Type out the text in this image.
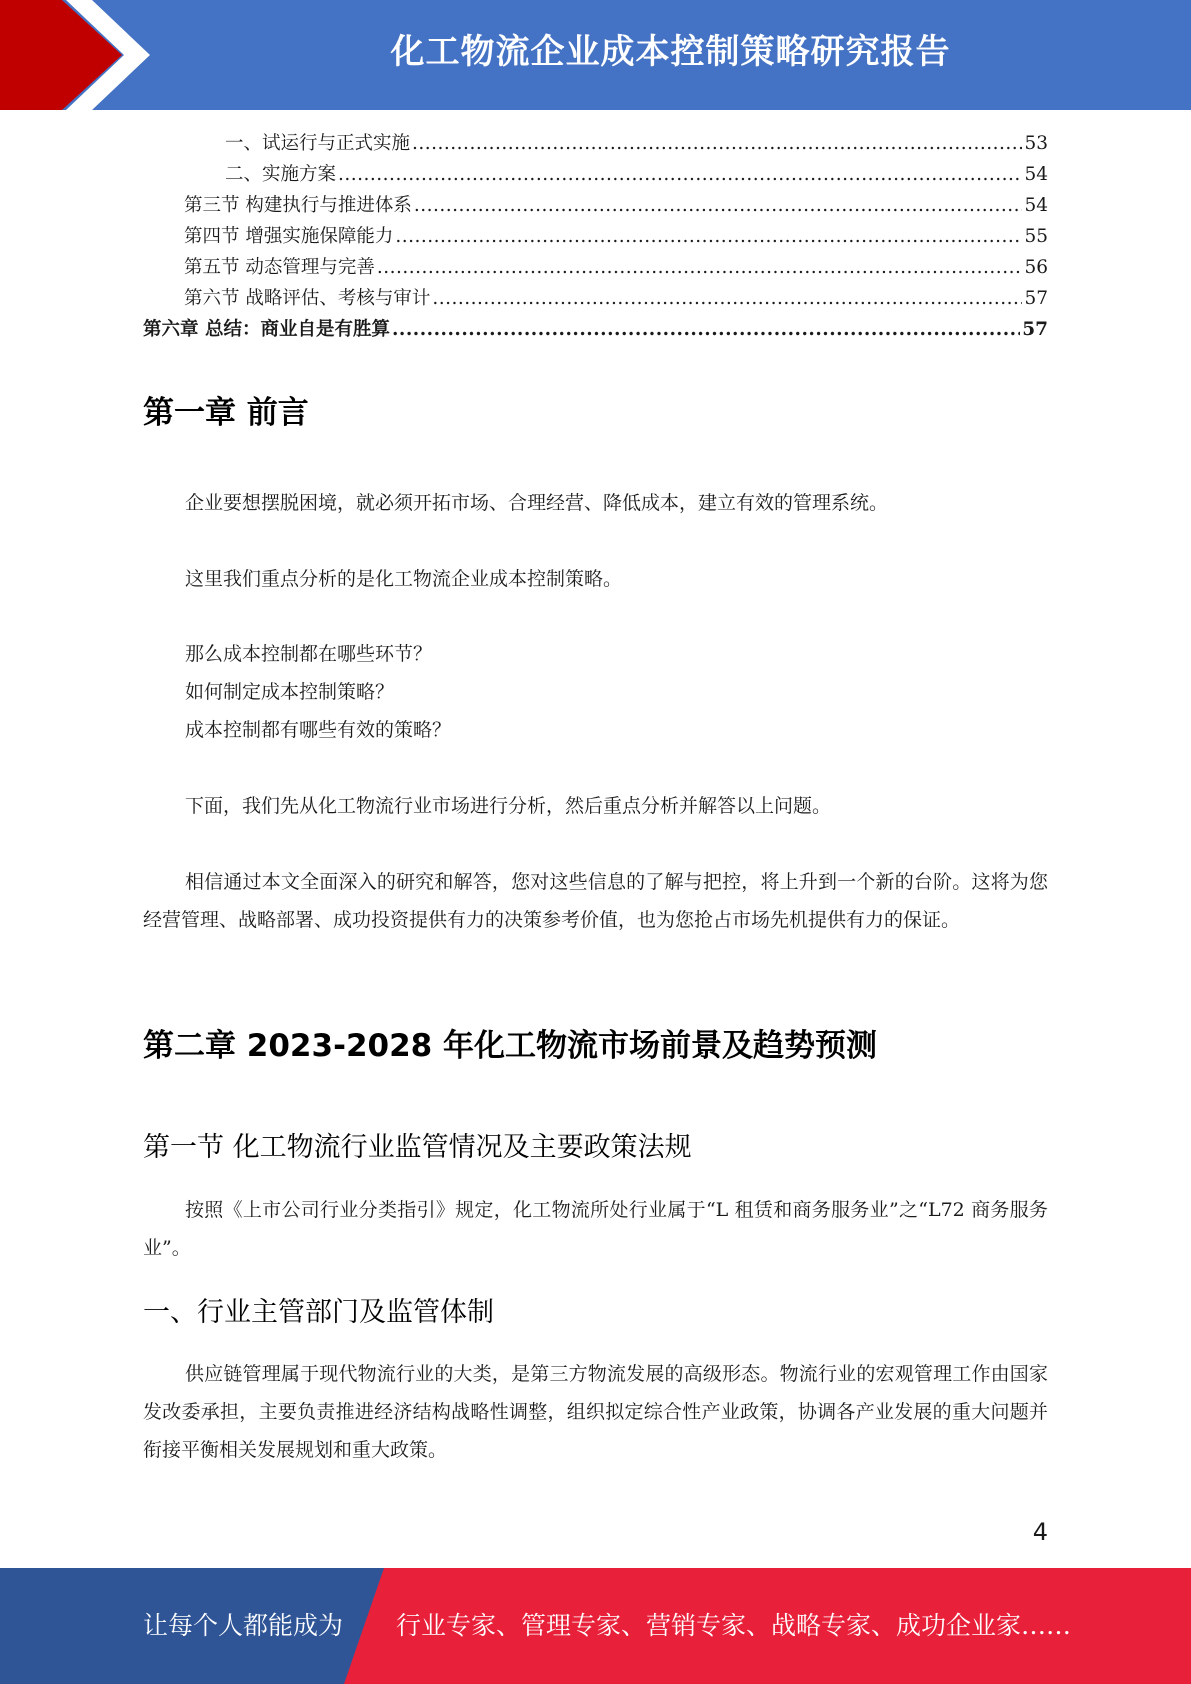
化工物流企业成本控制策略研究报告
一、试运行与正式实施 .....	53
二、实施方案 .....	54
第三节 构建执行与推进体系 .....	54
第四节 增强实施保障能力 .....	55
第五节 动态管理与完善 .....	56
第六节 战略评估、考核与审计 .....	57
第六章 总结：商业自是有胜算 .....	57
第一章 前言

企业要想摆脱困境，就必须开拓市场、合理经营、降低成本，建立有效的管理系统。

这里我们重点分析的是化工物流企业成本控制策略。

那么成本控制都在哪些环节？
如何制定成本控制策略？
成本控制都有哪些有效的策略？

下面，我们先从化工物流行业市场进行分析，然后重点分析并解答以上问题。

相信通过本文全面深入的研究和解答，您对这些信息的了解与把控，将上升到一个新的台阶。这将为您经营管理、战略部署、成功投资提供有力的决策参考价值，也为您抢占市场先机提供有力的保证。

第二章 2023-2028 年化工物流市场前景及趋势预测
第一节 化工物流行业监管情况及主要政策法规

按照《上市公司行业分类指引》规定，化工物流所处行业属于“L 租赁和商务服务业”之“L72 商务服务业”。

一、行业主管部门及监管体制

供应链管理属于现代物流行业的大类，是第三方物流发展的高级形态。物流行业的宏观管理工作由国家发改委承担，主要负责推进经济结构战略性调整，组织拟定综合性产业政策，协调各产业发展的重大问题并衔接平衡相关发展规划和重大政策。

4
让每个人都能成为 行业专家、管理专家、营销专家、战略专家、成功企业家……
